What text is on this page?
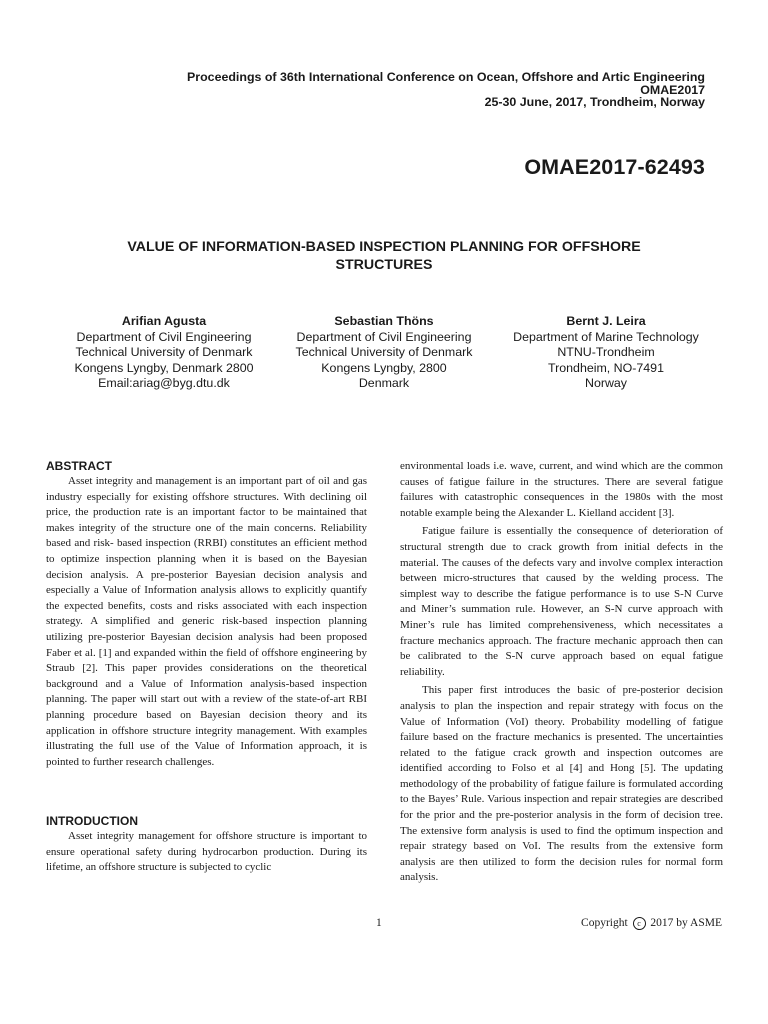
Proceedings of 36th International Conference on Ocean, Offshore and Artic Engineering
OMAE2017
25-30 June, 2017, Trondheim, Norway
OMAE2017-62493
VALUE OF INFORMATION-BASED INSPECTION PLANNING FOR OFFSHORE
STRUCTURES
Arifian Agusta
Department of Civil Engineering
Technical University of Denmark
Kongens Lyngby, Denmark 2800
Email:ariag@byg.dtu.dk
Sebastian Thöns
Department of Civil Engineering
Technical University of Denmark
Kongens Lyngby, 2800
Denmark
Bernt J. Leira
Department of Marine Technology
NTNU-Trondheim
Trondheim, NO-7491
Norway
ABSTRACT

Asset integrity and management is an important part of oil and gas industry especially for existing offshore structures. With declining oil price, the production rate is an important factor to be maintained that makes integrity of the structure one of the main concerns. Reliability based and risk- based inspection (RRBI) constitutes an efficient method to optimize inspection planning when it is based on the Bayesian decision analysis. A pre-posterior Bayesian decision analysis and especially a Value of Information analysis allows to explicitly quantify the expected benefits, costs and risks associated with each inspection strategy. A simplified and generic risk-based inspection planning utilizing pre-posterior Bayesian decision analysis had been proposed Faber et al. [1] and expanded within the field of offshore engineering by Straub [2]. This paper provides considerations on the theoretical background and a Value of Information analysis-based inspection planning. The paper will start out with a review of the state-of-art RBI planning procedure based on Bayesian decision theory and its application in offshore structure integrity management. With examples illustrating the full use of the Value of Information approach, it is pointed to further research challenges.

INTRODUCTION

Asset integrity management for offshore structure is important to ensure operational safety during hydrocarbon production. During its lifetime, an offshore structure is subjected to cyclic

environmental loads i.e. wave, current, and wind which are the common causes of fatigue failure in the structures. There are several fatigue failures with catastrophic consequences in the 1980s with the most notable example being the Alexander L. Kielland accident [3].

Fatigue failure is essentially the consequence of deterioration of structural strength due to crack growth from initial defects in the material. The causes of the defects vary and involve complex interaction between micro-structures that caused by the welding process. The simplest way to describe the fatigue performance is to use S-N Curve and Miner’s summation rule. However, an S-N curve approach with Miner’s rule has limited comprehensiveness, which necessitates a fracture mechanics approach. The fracture mechanic approach then can be calibrated to the S-N curve approach based on equal fatigue reliability.

This paper first introduces the basic of pre-posterior decision analysis to plan the inspection and repair strategy with focus on the Value of Information (VoI) theory. Probability modelling of fatigue failure based on the fracture mechanics is presented. The uncertainties related to the fatigue crack growth and inspection outcomes are identified according to Folso et al [4] and Hong [5]. The updating methodology of the probability of fatigue failure is formulated according to the Bayes’ Rule. Various inspection and repair strategies are described for the prior and the pre-posterior analysis in the form of decision tree. The extensive form analysis is used to find the optimum inspection and repair strategy based on VoI. The results from the extensive form analysis are then utilized to form the decision rules for normal form analysis.

1	Copyright c 2017 by ASME
